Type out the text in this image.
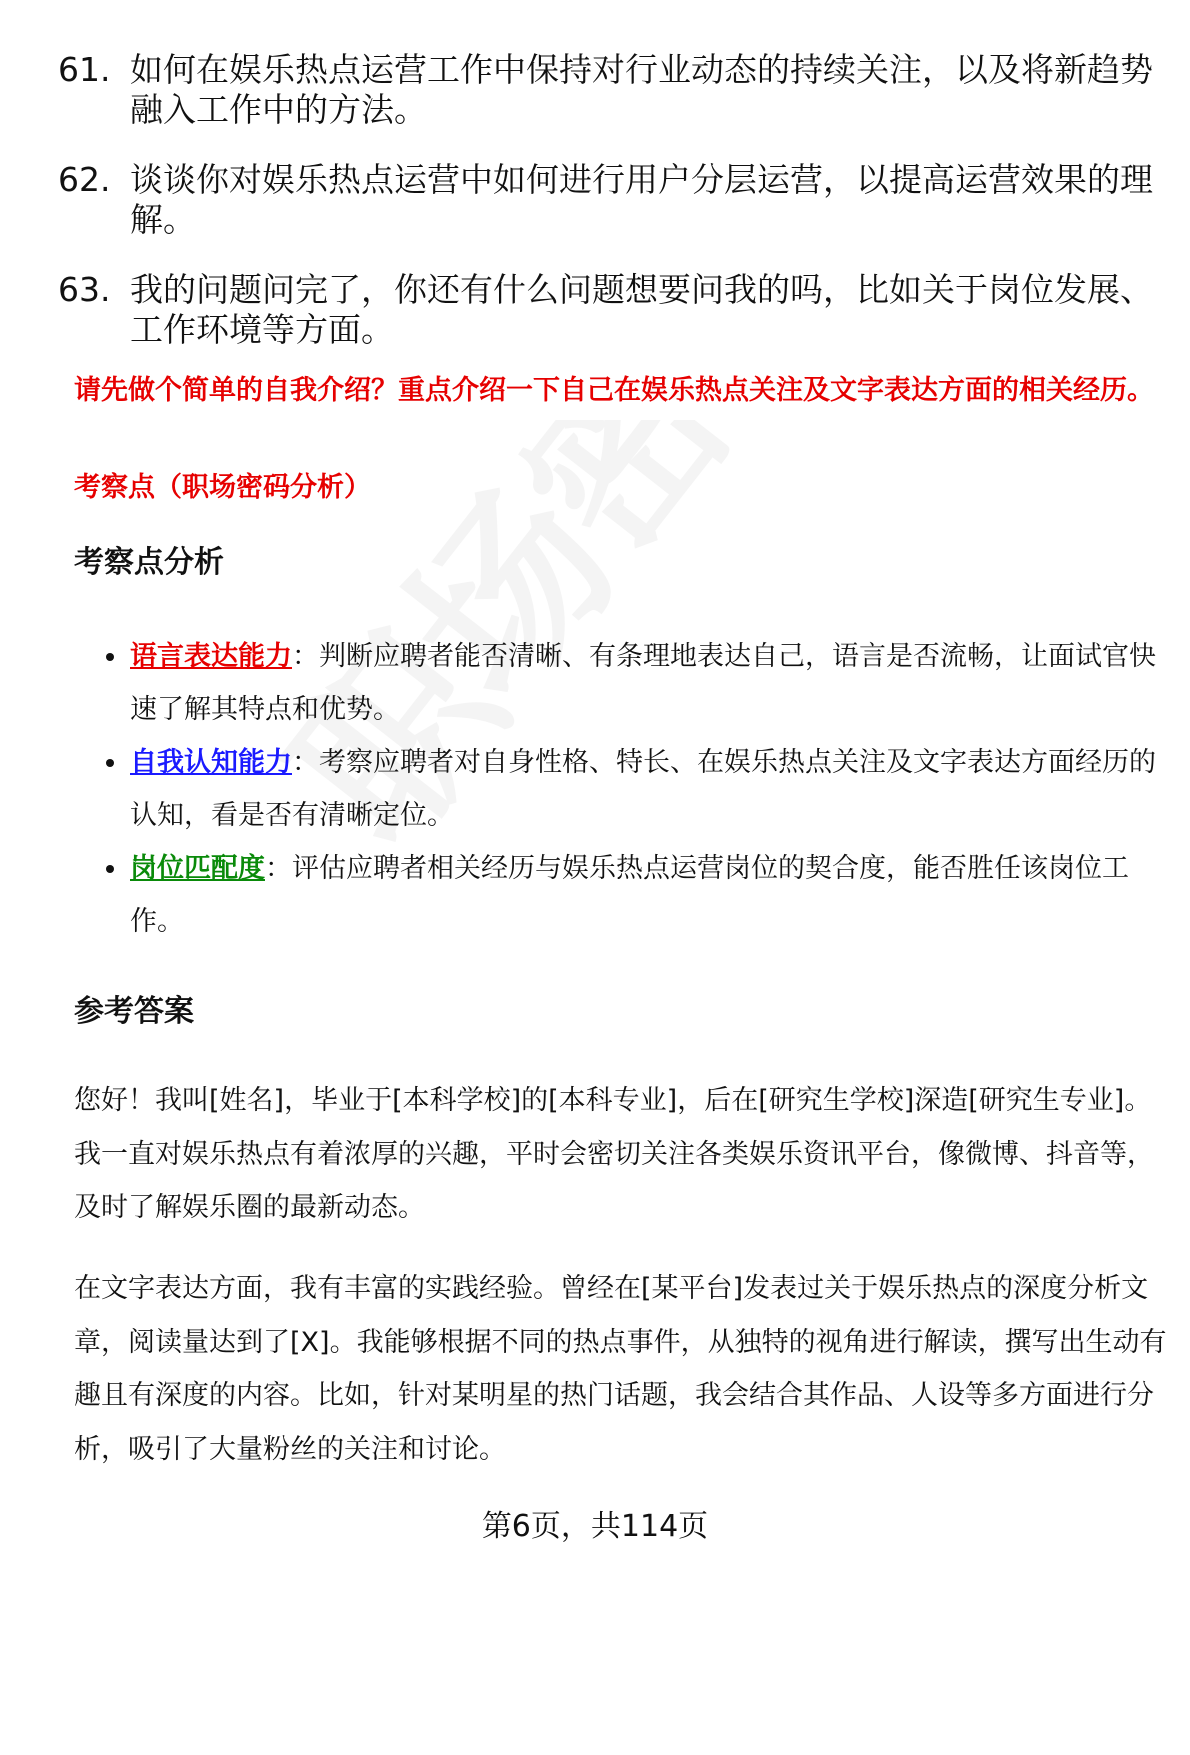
61. 如何在娱乐热点运营工作中保持对行业动态的持续关注，以及将新趋势融入工作中的方法。
62. 谈谈你对娱乐热点运营中如何进行用户分层运营，以提高运营效果的理解。
63. 我的问题问完了，你还有什么问题想要问我的吗，比如关于岗位发展、工作环境等方面。
请先做个简单的自我介绍？重点介绍一下自己在娱乐热点关注及文字表达方面的相关经历。
考察点（职场密码分析）
考察点分析
语言表达能力：判断应聘者能否清晰、有条理地表达自己，语言是否流畅，让面试官快速了解其特点和优势。
自我认知能力：考察应聘者对自身性格、特长、在娱乐热点关注及文字表达方面经历的认知，看是否有清晰定位。
岗位匹配度：评估应聘者相关经历与娱乐热点运营岗位的契合度，能否胜任该岗位工作。
参考答案
您好！我叫[姓名]，毕业于[本科学校]的[本科专业]，后在[研究生学校]深造[研究生专业]。我一直对娱乐热点有着浓厚的兴趣，平时会密切关注各类娱乐资讯平台，像微博、抖音等，及时了解娱乐圈的最新动态。
在文字表达方面，我有丰富的实践经验。曾经在[某平台]发表过关于娱乐热点的深度分析文章，阅读量达到了[X]。我能够根据不同的热点事件，从独特的视角进行解读，撰写出生动有趣且有深度的内容。比如，针对某明星的热门话题，我会结合其作品、人设等多方面进行分析，吸引了大量粉丝的关注和讨论。
第6页，共114页
